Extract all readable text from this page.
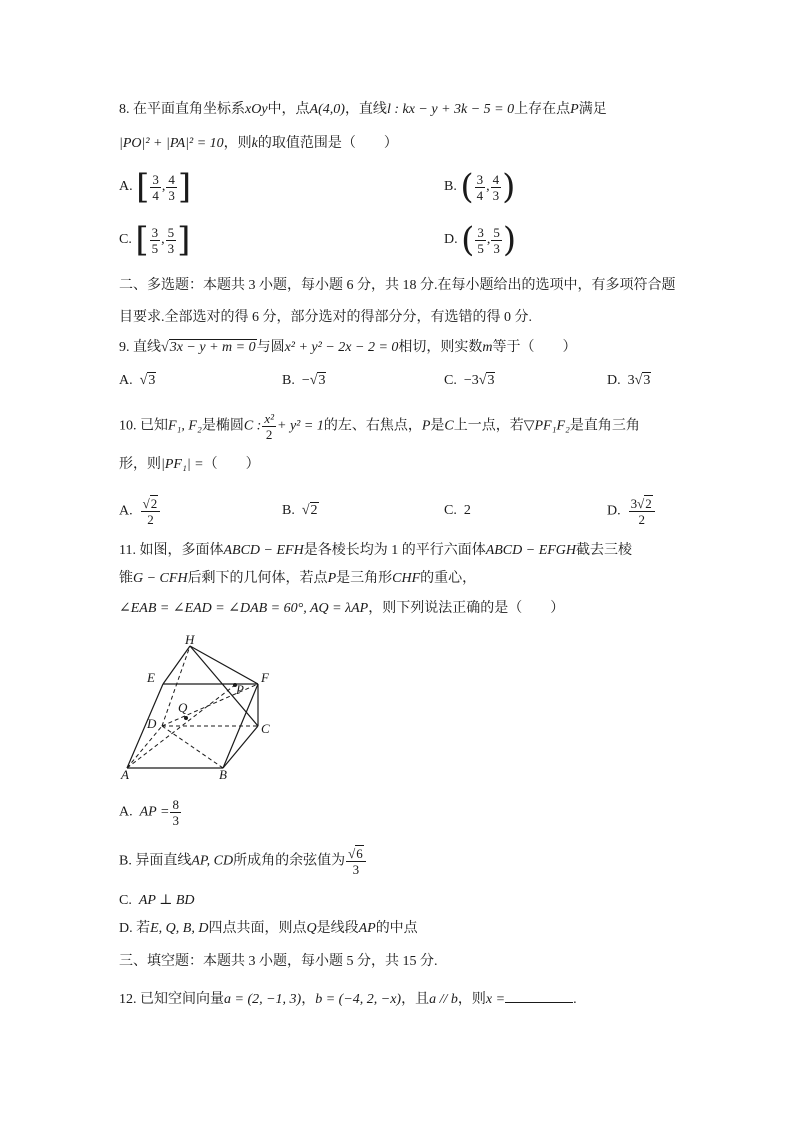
8. 在平面直角坐标系xOy中，点A(4,0)，直线l : kx − y + 3k − 5 = 0上存在点P满足
|PO|² + |PA|² = 10，则k的取值范围是（　　）
A. [ $\frac{3}{4}$ , $\frac{4}{3}$ ]	B. ( $\frac{3}{4}$ , $\frac{4}{3}$ )
C. [ $\frac{3}{5}$ , $\frac{5}{3}$ ]	D. ( $\frac{3}{5}$ , $\frac{5}{3}$ )
二、多选题：本题共 3 小题，每小题 6 分，共 18 分.在每小题给出的选项中，有多项符合题
目要求.全部选对的得 6 分，部分选对的得部分分，有选错的得 0 分.
9. 直线√3x − y + m = 0与圆x² + y² − 2x − 2 = 0相切，则实数m等于（　　）
A.  √3	B. −√3	C. −3√3	D. 3√3
10. 已知F₁, F₂是椭圆C : $\frac{\text{x²}}{2} + y^2 = 1$的左、右焦点，P是C上一点，若▽PF₁F₂是直角三角
形，则|PF₁| =（　　）
A. $\frac{√2}{2}$	B.  √2	C. 2	D. $\frac{3√2}{2}$
11. 如图，多面体ABCD − EFH是各棱长均为 1 的平行六面体ABCD − EFGH截去三棱
锥G − CFH后剩下的几何体，若点P是三角形CHF的重心，
∠EAB = ∠EAD = ∠DAB = 60°, AQ = λAP，则下列说法正确的是（　　）
H
E	F
P
Q
D	C
A	B
A. AP = $\frac{8}{3}$
B. 异面直线AP, CD所成角的余弦值为 $\frac{√6}{3}$
C. AP ⊥ BD
D. 若E, Q, B, D四点共面，则点Q是线段AP的中点
三、填空题：本题共 3 小题，每小题 5 分，共 15 分.
12. 已知空间向量a = (2, −1, 3)，b = (−4, 2, −x)，且a // b，则x =	.
